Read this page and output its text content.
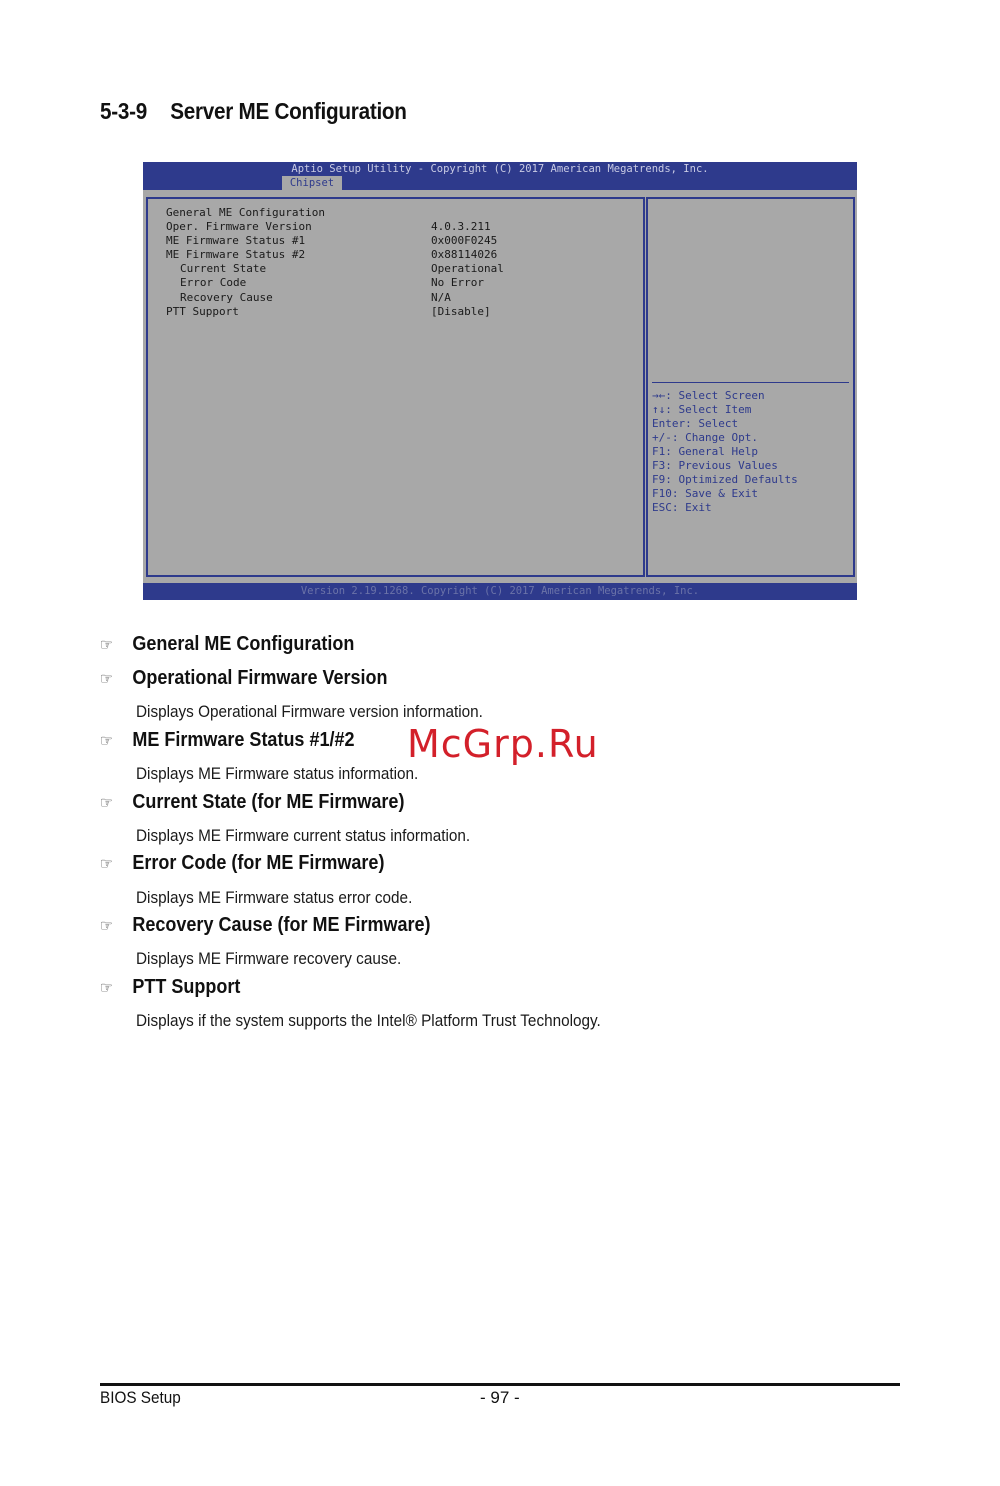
5-3-9 Server ME Configuration
Aptio Setup Utility - Copyright (C) 2017 American Megatrends, Inc.
Chipset
General ME Configuration
Oper. Firmware Version	4.0.3.211
ME Firmware Status #1	0x000F0245
ME Firmware Status #2	0x88114026
Current State	Operational
Error Code	No Error
Recovery Cause	N/A
PTT Support	[Disable]
→←: Select Screen
↑↓: Select Item
Enter: Select
+/-: Change Opt.
F1: General Help
F3: Previous Values
F9: Optimized Defaults
F10: Save & Exit
ESC: Exit
Version 2.19.1268. Copyright (C) 2017 American Megatrends, Inc.
☞ General ME Configuration
☞ Operational Firmware Version
Displays Operational Firmware version information.
☞ ME Firmware Status #1/#2
Displays ME Firmware status information.
☞ Current State (for ME Firmware)
Displays ME Firmware current status information.
☞ Error Code (for ME Firmware)
Displays ME Firmware status error code.
☞ Recovery Cause (for ME Firmware)
Displays ME Firmware recovery cause.
☞ PTT Support
Displays if the system supports the Intel® Platform Trust Technology.
McGrp.Ru
BIOS Setup	- 97 -
